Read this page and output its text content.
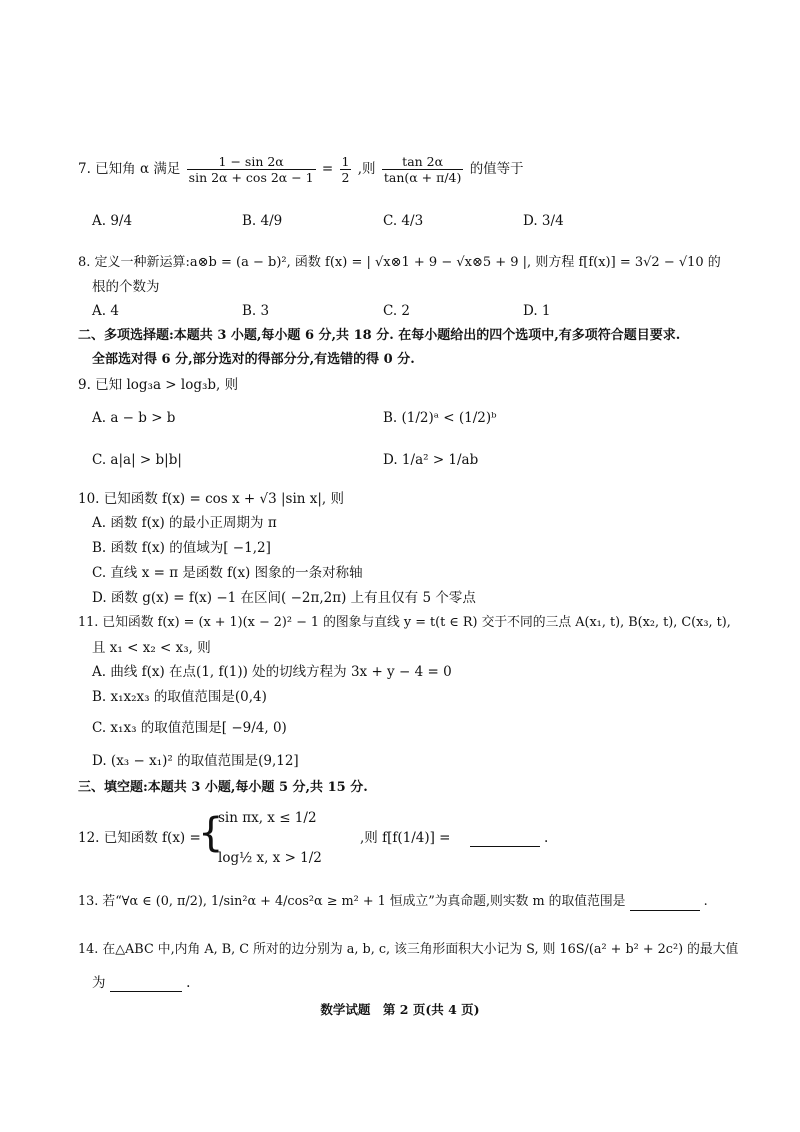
7. 已知角 α 满足 $\frac{1 - \sin 2\alpha}{\sin 2\alpha + \cos 2\alpha - 1} = \frac{1}{2}$ ,则 $\frac{\tan 2\alpha}{\tan(\alpha + \pi/4)}$ 的值等于
A. 9/4	B. 4/9	C. 4/3	D. 3/4
8. 定义一种新运算:a⊗b = (a − b)², 函数 f(x) = | √x⊗1 + 9 − √x⊗5 + 9 |, 则方程 f[f(x)] = 3√2 − √10 的
根的个数为
A. 4	B. 3	C. 2	D. 1
二、多项选择题:本题共 3 小题,每小题 6 分,共 18 分. 在每小题给出的四个选项中,有多项符合题目要求.
全部选对得 6 分,部分选对的得部分分,有选错的得 0 分.
9. 已知 log₃a > log₃b, 则
A. a − b > b	B. (1/2)ᵃ < (1/2)ᵇ
C. a|a| > b|b|	D. 1/a² > 1/ab
10. 已知函数 f(x) = cos x + √3 |sin x|, 则
A. 函数 f(x) 的最小正周期为 π
B. 函数 f(x) 的值域为[ −1,2]
C. 直线 x = π 是函数 f(x) 图象的一条对称轴
D. 函数 g(x) = f(x) −1 在区间( −2π,2π) 上有且仅有 5 个零点
11. 已知函数 f(x) = (x + 1)(x − 2)² − 1 的图象与直线 y = t(t ∈ R) 交于不同的三点 A(x₁, t), B(x₂, t), C(x₃, t),
且 x₁ < x₂ < x₃, 则
A. 曲线 f(x) 在点(1, f(1)) 处的切线方程为 3x + y − 4 = 0
B. x₁x₂x₃ 的取值范围是(0,4)
C. x₁x₃ 的取值范围是[ −9/4, 0)
D. (x₃ − x₁)² 的取值范围是(9,12]
三、填空题:本题共 3 小题,每小题 5 分,共 15 分.
12. 已知函数 f(x) =
{
sin πx, x ≤ 1/2
log½ x, x > 1/2
,则 f[f(1/4)] =	.
13. 若“∀α ∈ (0, π/2), 1/sin²α + 4/cos²α ≥ m² + 1 恒成立”为真命题,则实数 m 的取值范围是	.
14. 在△ABC 中,内角 A, B, C 所对的边分别为 a, b, c, 该三角形面积大小记为 S, 则 16S/(a² + b² + 2c²) 的最大值
为	.
数学试题　第 2 页(共 4 页)
